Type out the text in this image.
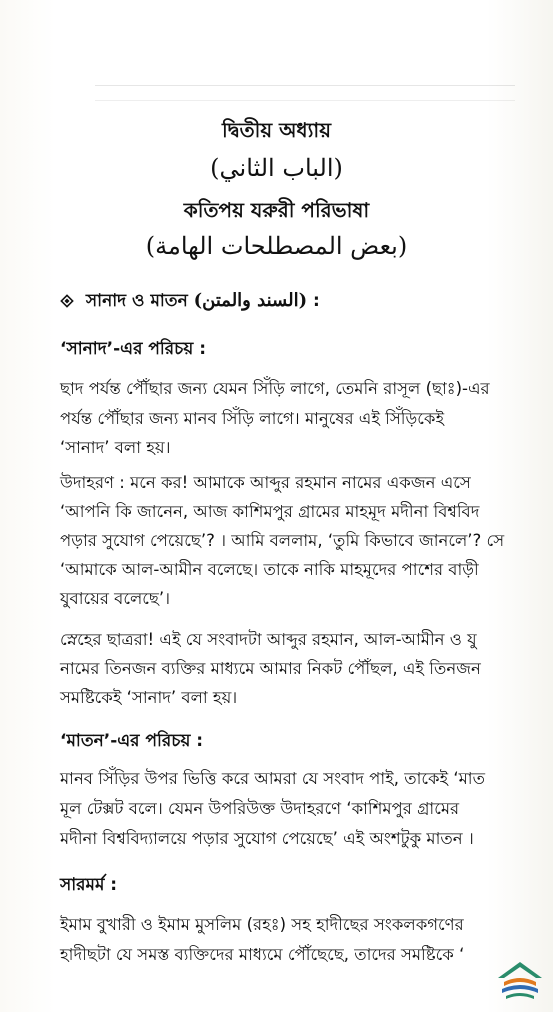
দ্বিতীয় অধ্যায়
(الباب الثاني)
কতিপয় যরুরী পরিভাষা
(بعض المصطلحات الهامة)
সানাদ ও মাতন (السند والمتن) :
‘সানাদ’-এর পরিচয় :
ছাদ পর্যন্ত পৌঁছার জন্য যেমন সিঁড়ি লাগে, তেমনি রাসূল (ছাঃ)-এর
পর্যন্ত পৌঁছার জন্য মানব সিঁড়ি লাগে। মানুষের এই সিঁড়িকেই
‘সানাদ’ বলা হয়।
উদাহরণ : মনে কর! আমাকে আব্দুর রহমান নামের একজন এসে
‘আপনি কি জানেন, আজ কাশিমপুর গ্রামের মাহমূদ মদীনা বিশ্ববিদ
পড়ার সুযোগ পেয়েছে’? । আমি বললাম, ‘তুমি কিভাবে জানলে’? সে
‘আমাকে আল-আমীন বলেছে। তাকে নাকি মাহমূদের পাশের বাড়ী
যুবায়ের বলেছে’।
স্নেহের ছাত্ররা! এই যে সংবাদটা আব্দুর রহমান, আল-আমীন ও যু
নামের তিনজন ব্যক্তির মাধ্যমে আমার নিকট পৌঁছল, এই তিনজন
সমষ্টিকেই ‘সানাদ’ বলা হয়।
‘মাতন’-এর পরিচয় :
মানব সিঁড়ির উপর ভিত্তি করে আমরা যে সংবাদ পাই, তাকেই ‘মাত
মূল টেক্সট বলে। যেমন উপরিউক্ত উদাহরণে ‘কাশিমপুর গ্রামের
মদীনা বিশ্ববিদ্যালয়ে পড়ার সুযোগ পেয়েছে’ এই অংশটুকু মাতন ।
সারমর্ম :
ইমাম বুখারী ও ইমাম মুসলিম (রহঃ) সহ হাদীছের সংকলকগণের
হাদীছটা যে সমস্ত ব্যক্তিদের মাধ্যমে পৌঁছেছে, তাদের সমষ্টিকে ‘
